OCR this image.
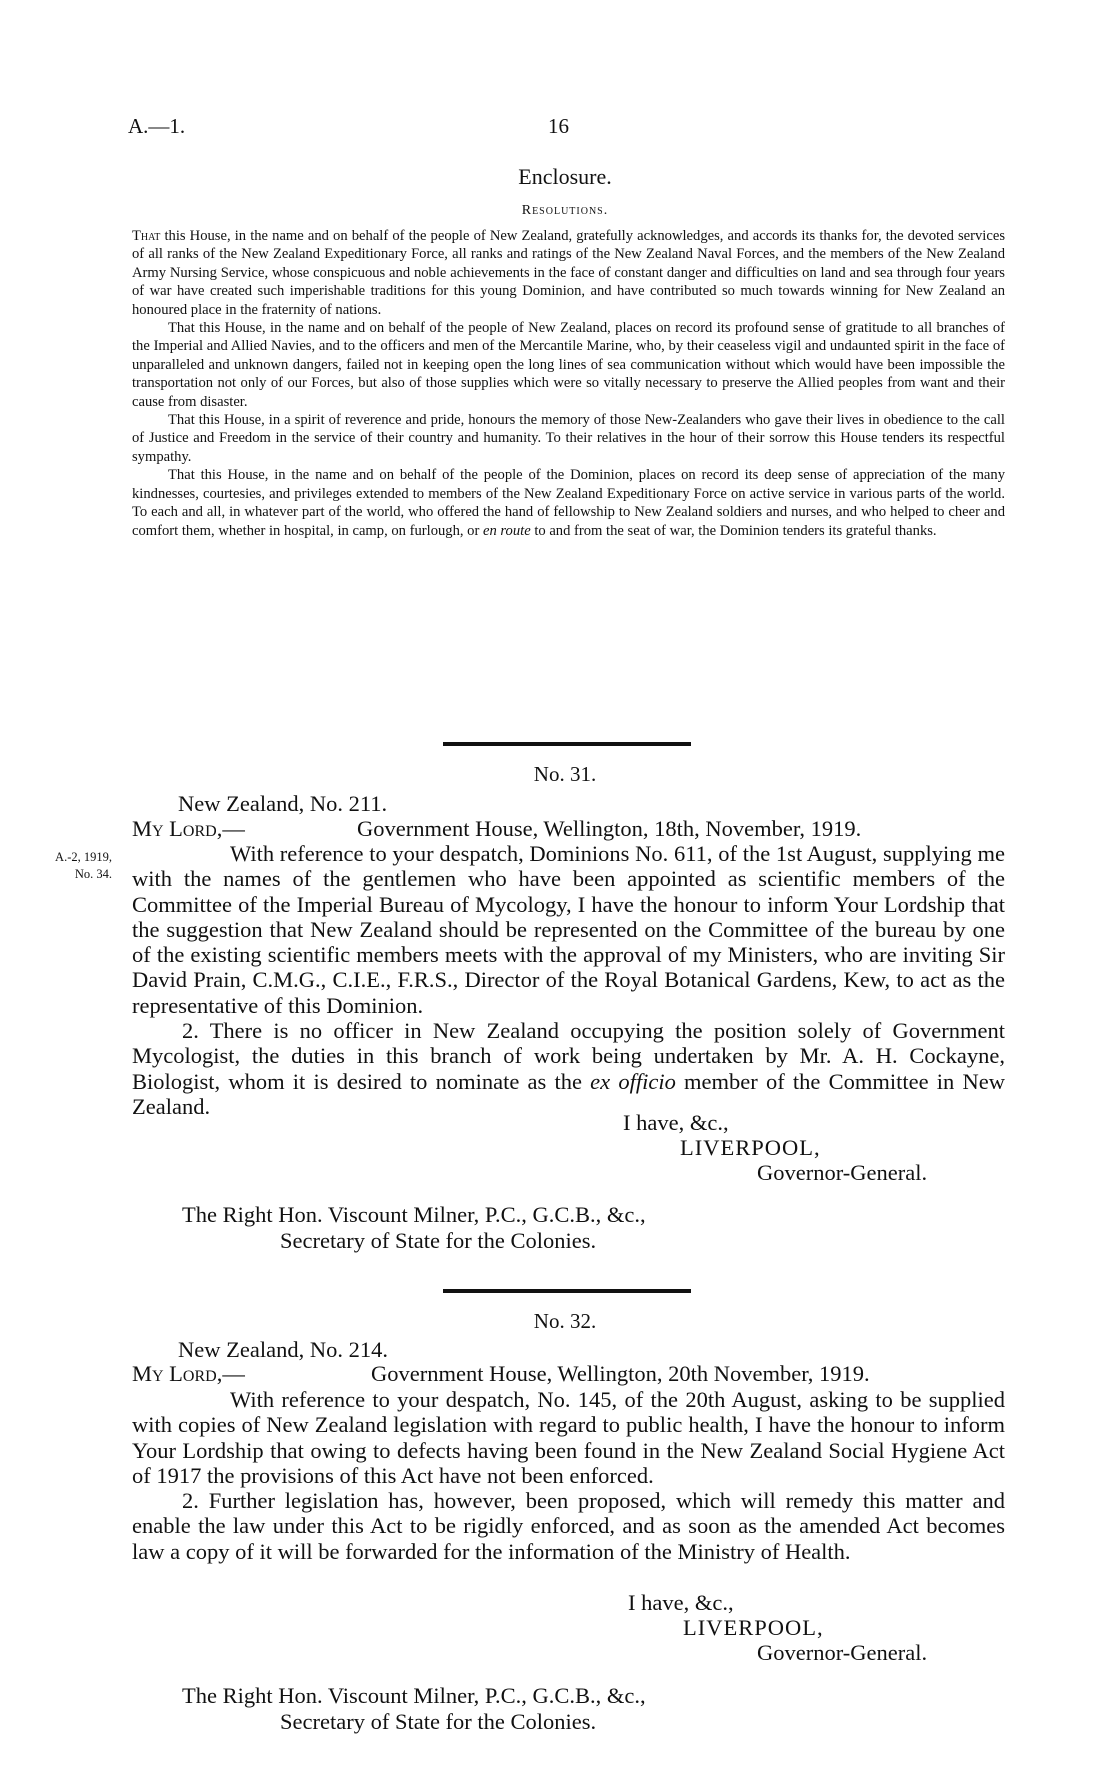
A.—1.	16
Enclosure.
Resolutions.

That this House, in the name and on behalf of the people of New Zealand, gratefully acknowledges, and accords its thanks for, the devoted services of all ranks of the New Zealand Expeditionary Force, all ranks and ratings of the New Zealand Naval Forces, and the members of the New Zealand Army Nursing Service, whose conspicuous and noble achievements in the face of constant danger and difficulties on land and sea through four years of war have created such imperishable traditions for this young Dominion, and have contributed so much towards winning for New Zealand an honoured place in the fraternity of nations.

That this House, in the name and on behalf of the people of New Zealand, places on record its profound sense of gratitude to all branches of the Imperial and Allied Navies, and to the officers and men of the Mercantile Marine, who, by their ceaseless vigil and undaunted spirit in the face of unparalleled and unknown dangers, failed not in keeping open the long lines of sea communication without which would have been impossible the transportation not only of our Forces, but also of those supplies which were so vitally necessary to preserve the Allied peoples from want and their cause from disaster.

That this House, in a spirit of reverence and pride, honours the memory of those New-Zealanders who gave their lives in obedience to the call of Justice and Freedom in the service of their country and humanity. To their relatives in the hour of their sorrow this House tenders its respectful sympathy.

That this House, in the name and on behalf of the people of the Dominion, places on record its deep sense of appreciation of the many kindnesses, courtesies, and privileges extended to members of the New Zealand Expeditionary Force on active service in various parts of the world. To each and all, in whatever part of the world, who offered the hand of fellowship to New Zealand soldiers and nurses, and who helped to cheer and comfort them, whether in hospital, in camp, on furlough, or en route to and from the seat of war, the Dominion tenders its grateful thanks.

No. 31.
New Zealand, No. 211.
My Lord,—	Government House, Wellington, 18th, November, 1919.
A.-2, 1919,
No. 34.

With reference to your despatch, Dominions No. 611, of the 1st August, supplying me with the names of the gentlemen who have been appointed as scientific members of the Committee of the Imperial Bureau of Mycology, I have the honour to inform Your Lordship that the suggestion that New Zealand should be represented on the Committee of the bureau by one of the existing scientific members meets with the approval of my Ministers, who are inviting Sir David Prain, C.M.G., C.I.E., F.R.S., Director of the Royal Botanical Gardens, Kew, to act as the representative of this Dominion.

2. There is no officer in New Zealand occupying the position solely of Government Mycologist, the duties in this branch of work being undertaken by Mr. A. H. Cockayne, Biologist, whom it is desired to nominate as the ex officio member of the Committee in New Zealand.

I have, &c.,
LIVERPOOL,
Governor-General.
The Right Hon. Viscount Milner, P.C., G.C.B., &c.,
Secretary of State for the Colonies.
No. 32.
New Zealand, No. 214.
My Lord,—	Government House, Wellington, 20th November, 1919.

With reference to your despatch, No. 145, of the 20th August, asking to be supplied with copies of New Zealand legislation with regard to public health, I have the honour to inform Your Lordship that owing to defects having been found in the New Zealand Social Hygiene Act of 1917 the provisions of this Act have not been enforced.

2. Further legislation has, however, been proposed, which will remedy this matter and enable the law under this Act to be rigidly enforced, and as soon as the amended Act becomes law a copy of it will be forwarded for the information of the Ministry of Health.

I have, &c.,
LIVERPOOL,
Governor-General.
The Right Hon. Viscount Milner, P.C., G.C.B., &c.,
Secretary of State for the Colonies.
